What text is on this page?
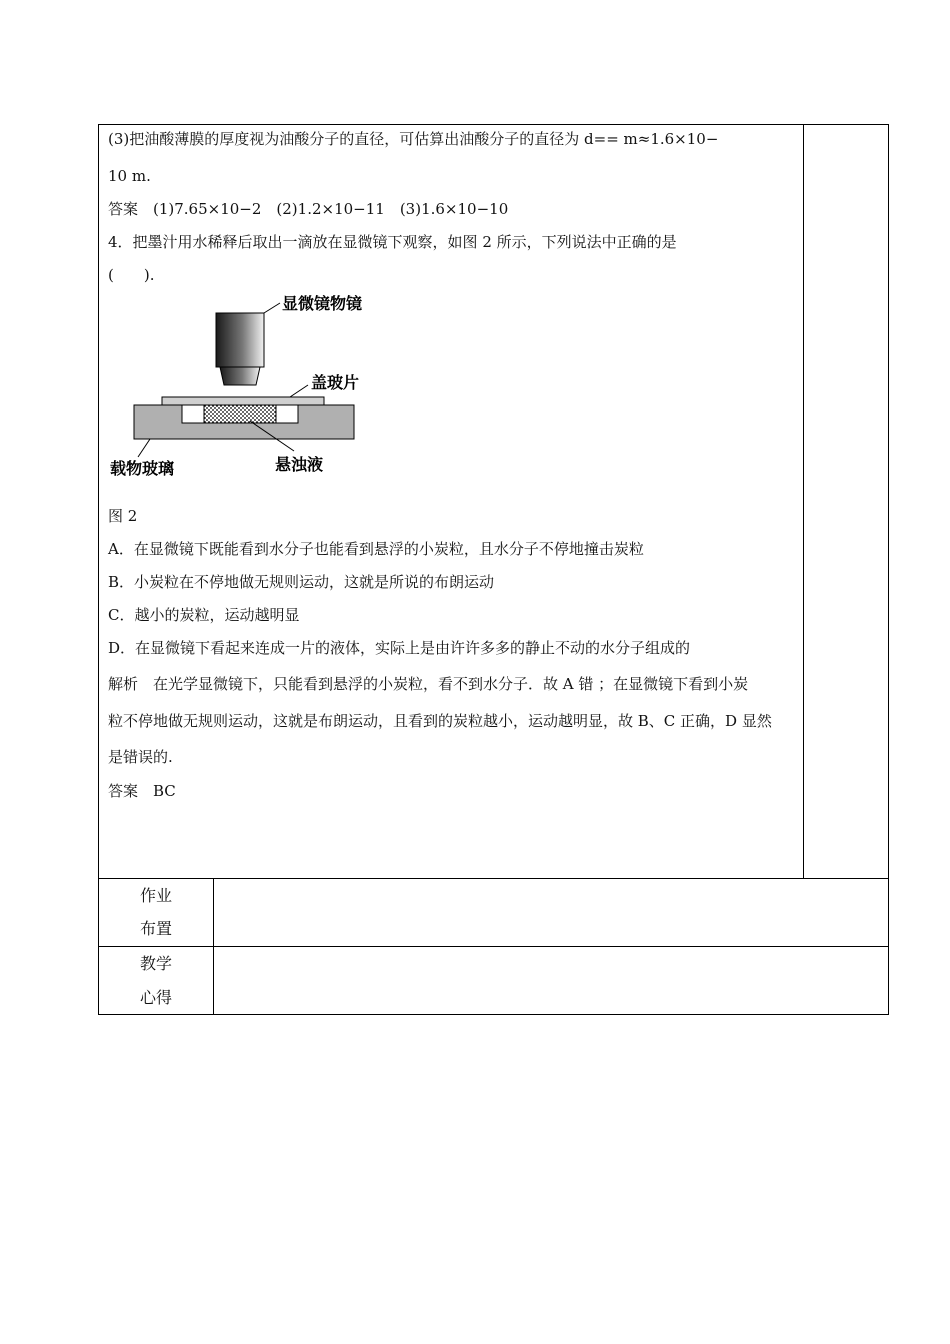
(3)把油酸薄膜的厚度视为油酸分子的直径，可估算出油酸分子的直径为 d== m≈1.6×10−
10 m.
答案　(1)7.65×10−2　(2)1.2×10−11　(3)1.6×10−10
4．把墨汁用水稀释后取出一滴放在显微镜下观察，如图 2 所示，下列说法中正确的是
(　　).
显微镜物镜
盖玻片
载物玻璃	悬浊液
图 2
A．在显微镜下既能看到水分子也能看到悬浮的小炭粒，且水分子不停地撞击炭粒
B．小炭粒在不停地做无规则运动，这就是所说的布朗运动
C．越小的炭粒，运动越明显
D．在显微镜下看起来连成一片的液体，实际上是由许许多多的静止不动的水分子组成的
解析　在光学显微镜下，只能看到悬浮的小炭粒，看不到水分子．故 A 错 ；在显微镜下看到小炭
粒不停地做无规则运动，这就是布朗运动，且看到的炭粒越小，运动越明显，故 B、C 正确，D 显然
是错误的.
答案　BC
作业
布置
教学
心得
